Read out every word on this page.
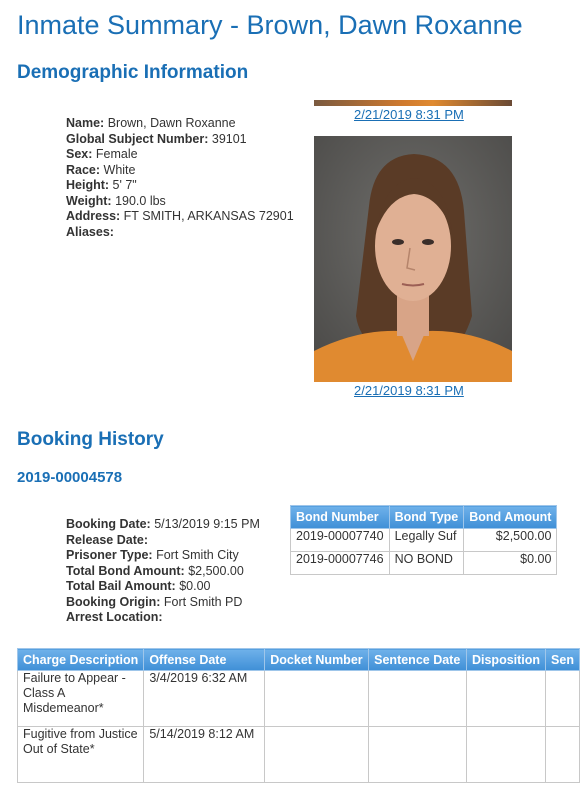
Inmate Summary - Brown, Dawn Roxanne
Demographic Information
Name: Brown, Dawn Roxanne
Global Subject Number: 39101
Sex: Female
Race: White
Height: 5' 7"
Weight: 190.0 lbs
Address: FT SMITH, ARKANSAS 72901
Aliases:
2/21/2019 8:31 PM
2/21/2019 8:31 PM
Booking History
2019-00004578
Booking Date: 5/13/2019 9:15 PM
Release Date:
Prisoner Type: Fort Smith City
Total Bond Amount: $2,500.00
Total Bail Amount: $0.00
Booking Origin: Fort Smith PD
Arrest Location:
Bond Number	Bond Type	Bond Amount
2019-00007740	Legally Suf	$2,500.00
2019-00007746	NO BOND	$0.00
Charge Description	Offense Date	Docket Number	Sentence Date	Disposition	Sen
Failure to Appear - Class A Misdemeanor*	3/4/2019 6:32 AM				
Fugitive from Justice Out of State*	5/14/2019 8:12 AM				
